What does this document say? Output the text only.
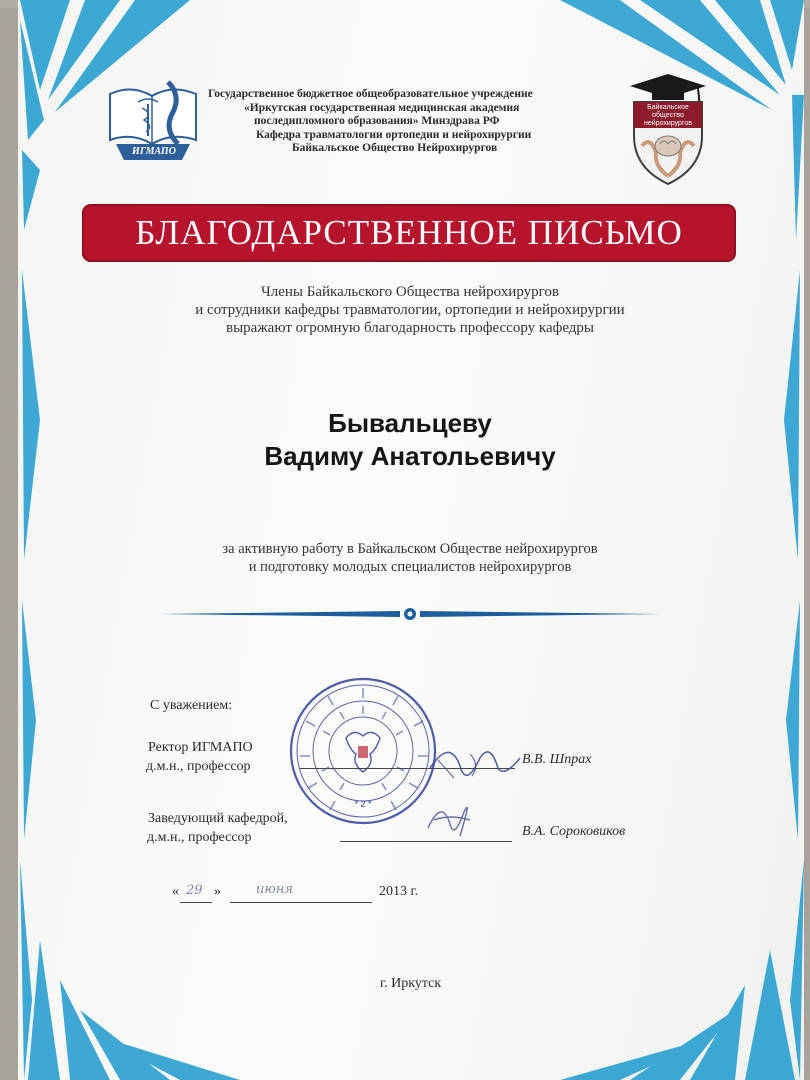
ИГМАПО
Государственное бюджетное общеобразовательное учреждение
«Иркутская государственная медицинская академия
последипломного образования» Минздрава РФ
Кафедра травматологии ортопедии и нейрохирургии
Байкальское Общество Нейрохирургов
Байкальское общество нейрохирургов
БЛАГОДАРСТВЕННОЕ ПИСЬМО
Члены Байкальского Общества нейрохирургов
и сотрудники кафедры травматологии, ортопедии и нейрохирургии
выражают огромную благодарность профессору кафедры
Бывальцеву
Вадиму Анатольевичу
за активную работу в Байкальском Обществе нейрохирургов
и подготовку молодых специалистов нейрохирургов
С уважением:
Ректор ИГМАПО
д.м.н., профессор	В.В. Шпрах
Заведующий кафедрой,
д.м.н., профессор	В.А. Сороковиков
* 2 *
« 29 »	июня	2013 г.
г. Иркутск
